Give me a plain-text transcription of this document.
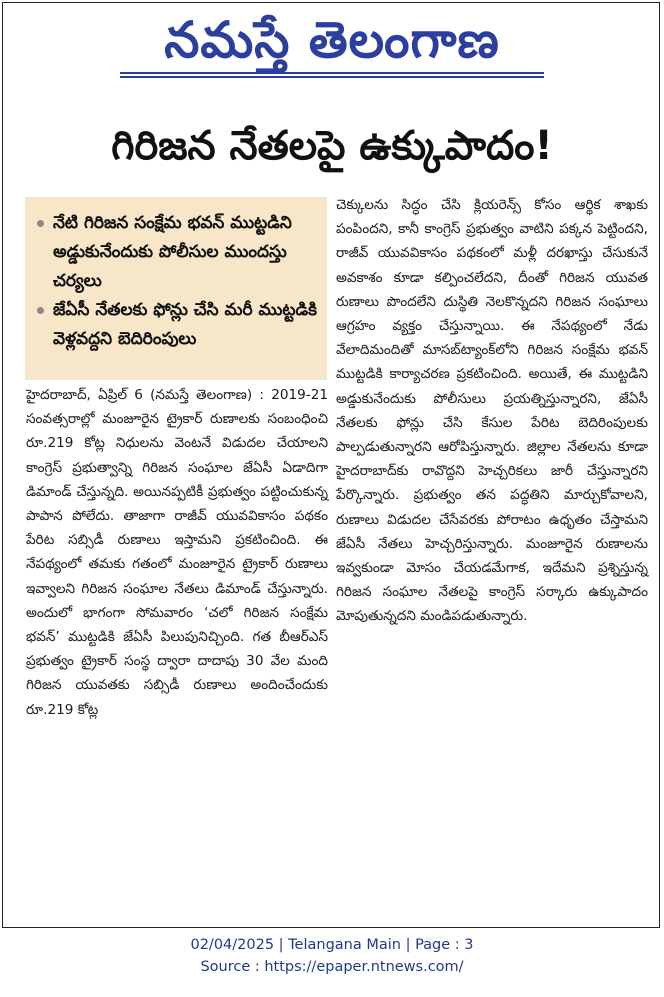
నమస్తే తెలంగాణ
గిరిజన నేతలపై ఉక్కుపాదం!
నేటి గిరిజన సంక్షేమ భవన్ ముట్టడిని అడ్డుకునేందుకు పోలీసుల ముందస్తు చర్యలు
జేఏసీ నేతలకు ఫోన్లు చేసి మరీ ముట్టడికి వెళ్లవద్దని బెదిరింపులు

హైదరాబాద్, ఏప్రిల్ 6 (నమస్తే తెలంగాణ) : 2019-21 సంవత్సరాల్లో మంజూరైన ట్రైకార్ రుణాలకు సంబంధించి రూ.219 కోట్ల నిధులను వెంటనే విడుదల చేయాలని కాంగ్రెస్ ప్రభుత్వాన్ని గిరిజన సంఘాల జేఏసీ ఏడాదిగా డిమాండ్ చేస్తున్నది. అయినప్పటికీ ప్రభుత్వం పట్టించుకున్న పాపాన పోలేదు. తాజాగా రాజీవ్ యువవికాసం పథకం పేరిట సబ్సిడీ రుణాలు ఇస్తామని ప్రకటించింది. ఈ నేపథ్యంలో తమకు గతంలో మంజూరైన ట్రైకార్ రుణాలు ఇవ్వాలని గిరిజన సంఘాల నేతలు డిమాండ్ చేస్తున్నారు. అందులో భాగంగా సోమవారం ‘చలో గిరిజన సంక్షేమ భవన్’ ముట్టడికి జేఏసీ పిలుపునిచ్చింది. గత బీఆర్ఎస్ ప్రభుత్వం ట్రైకార్ సంస్థ ద్వారా దాదాపు 30 వేల మంది గిరిజన యువతకు సబ్సిడీ రుణాలు అందించేందుకు రూ.219 కోట్ల

చెక్కులను సిద్ధం చేసి క్లియరెన్స్ కోసం ఆర్థిక శాఖకు పంపిందని, కానీ కాంగ్రెస్ ప్రభుత్వం వాటిని పక్కన పెట్టిందని, రాజీవ్ యువవికాసం పథకంలో మళ్లీ దరఖాస్తు చేసుకునే అవకాశం కూడా కల్పించలేదని, దీంతో గిరిజన యువత రుణాలు పొందలేని దుస్థితి నెలకొన్నదని గిరిజన సంఘాలు ఆగ్రహం వ్యక్తం చేస్తున్నాయి. ఈ నేపథ్యంలో నేడు వేలాదిమందితో మాసబ్‌ట్యాంక్‌లోని గిరిజన సంక్షేమ భవన్ ముట్టడికి కార్యాచరణ ప్రకటించింది. అయితే, ఈ ముట్టడిని అడ్డుకునేందుకు పోలీసులు ప్రయత్నిస్తున్నారని, జేఏసీ నేతలకు ఫోన్లు చేసి కేసుల పేరిట బెదిరింపులకు పాల్పడుతున్నారని ఆరోపిస్తున్నారు. జిల్లాల నేతలను కూడా హైదరాబాద్‌కు రావొద్దని హెచ్చరికలు జారీ చేస్తున్నారని పేర్కొన్నారు. ప్రభుత్వం తన పద్ధతిని మార్చుకోవాలని, రుణాలు విడుదల చేసేవరకు పోరాటం ఉధృతం చేస్తామని జేఏసీ నేతలు హెచ్చరిస్తున్నారు. మంజూరైన రుణాలను ఇవ్వకుండా మోసం చేయడమేగాక, ఇదేమని ప్రశ్నిస్తున్న గిరిజన సంఘాల నేతలపై కాంగ్రెస్ సర్కారు ఉక్కుపాదం మోపుతున్నదని మండిపడుతున్నారు.

02/04/2025 | Telangana Main | Page : 3
Source : https://epaper.ntnews.com/
